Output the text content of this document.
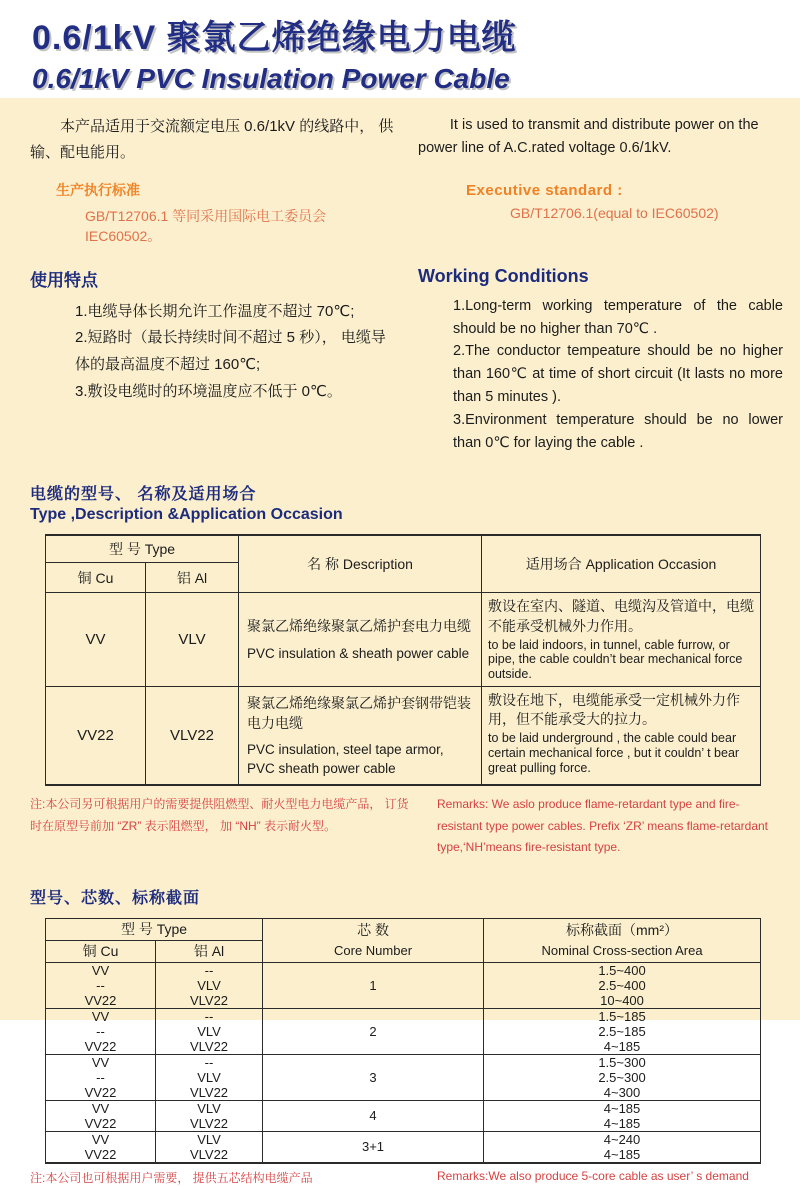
0.6/1kV 聚氯乙烯绝缘电力电缆
0.6/1kV PVC Insulation Power Cable
本产品适用于交流额定电压 0.6/1kV 的线路中， 供输、配电能用。
生产执行标准
GB/T12706.1 等同采用国际电工委员会 IEC60502。
It is used to transmit and distribute power on the power line of A.C.rated voltage 0.6/1kV.
Executive standard :
GB/T12706.1(equal to IEC60502)
使用特点
1.电缆导体长期允许工作温度不超过 70℃;
2.短路时（最长持续时间不超过 5 秒）， 电缆导体的最高温度不超过 160℃;
3.敷设电缆时的环境温度应不低于 0℃。
Working Conditions
1.Long-term working temperature of the cable should be no higher than 70℃ .
2.The conductor tempeature should be no higher than 160℃ at time of short circuit (It lasts no more than 5 minutes ).
3.Environment temperature should be no lower than 0℃ for laying the cable .
电缆的型号、 名称及适用场合
Type ,Description &Application Occasion
型 号 Type		名 称 Description	适用场合 Application Occasion
铜 Cu	铝 Al		
VV	VLV	
聚氯乙烯绝缘聚氯乙烯护套电力电缆
PVC insulation & sheath power cable

敷设在室内、隧道、电缆沟及管道中，电缆不能承受机械外力作用。
to be laid indoors, in tunnel, cable furrow, or pipe, the cable couldn’t bear mechanical force outside.

VV22	VLV22	
聚氯乙烯绝缘聚氯乙烯护套钢带铠装电力电缆
PVC insulation, steel tape armor, PVC sheath power cable

敷设在地下，电缆能承受一定机械外力作用，但不能承受大的拉力。
to be laid underground , the cable could bear certain mechanical force , but it couldn’ t bear great pulling force.
注:本公司另可根据用户的需要提供阻燃型、耐火型电力电缆产品， 订货时在原型号前加 “ZR” 表示阻燃型， 加 “NH” 表示耐火型。
Remarks: We aslo produce flame-retardant type and fire-resistant type power cables. Prefix ‘ZR’ means flame-retardant type,‘NH’means fire-resistant type.
型号、芯数、标称截面
型 号 Type	芯 数
Core Number

标称截面（mm²）
Nominal Cross-section Area

铜 Cu	铝 Al		
VV	--	1	1.5~400
--	VLV		2.5~400
VV22	VLV22		10~400
VV	--	2	1.5~185
--	VLV		2.5~185
VV22	VLV22		4~185
VV	--	3	1.5~300
--	VLV		2.5~300
VV22	VLV22		4~300
VV	VLV	4	4~185
VV22	VLV22		4~185
VV	VLV	3+1	4~240
VV22	VLV22		4~185
注:本公司也可根据用户需要， 提供五芯结构电缆产品	Remarks:We also produce 5-core cable as user’ s demand
